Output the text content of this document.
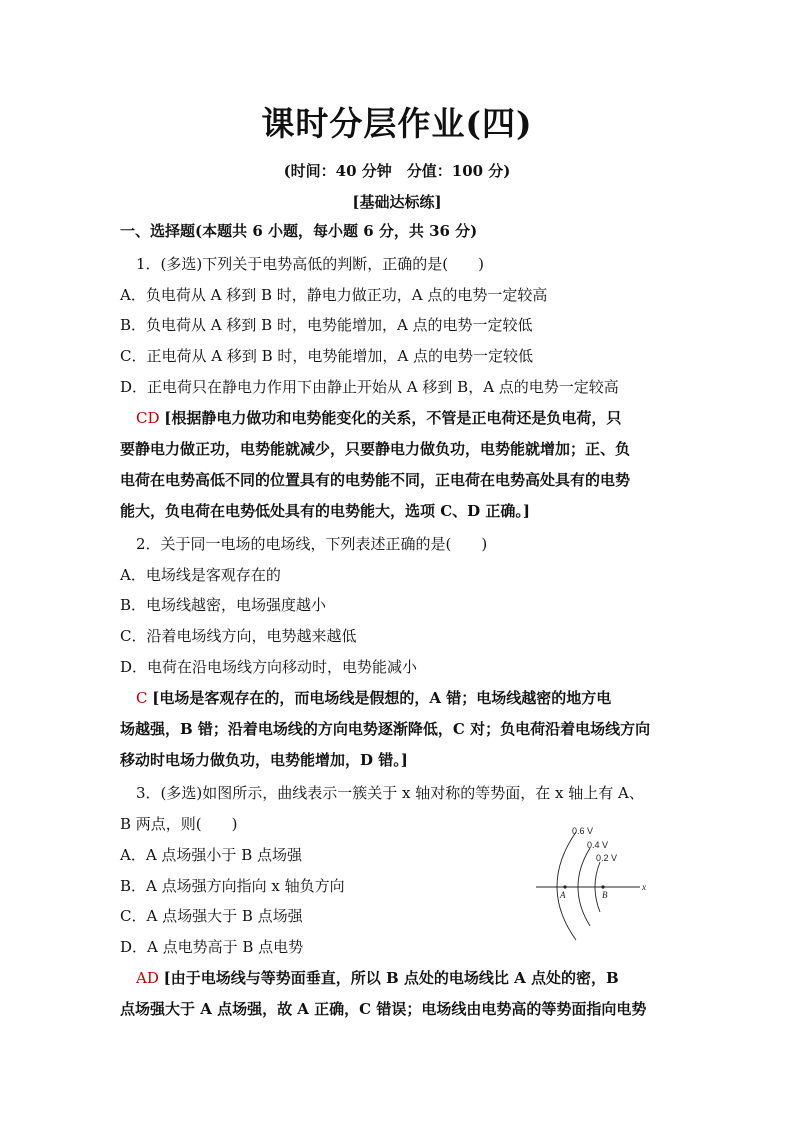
课时分层作业(四)
(时间：40 分钟　分值：100 分)
[基础达标练]
一、选择题(本题共 6 小题，每小题 6 分，共 36 分)
1．(多选)下列关于电势高低的判断，正确的是(　　)
A．负电荷从 A 移到 B 时，静电力做正功，A 点的电势一定较高
B．负电荷从 A 移到 B 时，电势能增加，A 点的电势一定较低
C．正电荷从 A 移到 B 时，电势能增加，A 点的电势一定较低
D．正电荷只在静电力作用下由静止开始从 A 移到 B，A 点的电势一定较高
CD [根据静电力做功和电势能变化的关系，不管是正电荷还是负电荷，只
要静电力做正功，电势能就减少，只要静电力做负功，电势能就增加；正、负
电荷在电势高低不同的位置具有的电势能不同，正电荷在电势高处具有的电势
能大，负电荷在电势低处具有的电势能大，选项 C、D 正确。]
2．关于同一电场的电场线，下列表述正确的是(　　)
A．电场线是客观存在的
B．电场线越密，电场强度越小
C．沿着电场线方向，电势越来越低
D．电荷在沿电场线方向移动时，电势能减小
C [电场是客观存在的，而电场线是假想的，A 错；电场线越密的地方电
场越强，B 错；沿着电场线的方向电势逐渐降低，C 对；负电荷沿着电场线方向
移动时电场力做负功，电势能增加，D 错。]
3．(多选)如图所示，曲线表示一簇关于 x 轴对称的等势面，在 x 轴上有 A、
B 两点，则(　　)
A．A 点场强小于 B 点场强
B．A 点场强方向指向 x 轴负方向
C．A 点场强大于 B 点场强
D．A 点电势高于 B 点电势
AD [由于电场线与等势面垂直，所以 B 点处的电场线比 A 点处的密，B
点场强大于 A 点场强，故 A 正确，C 错误；电场线由电势高的等势面指向电势
0.6 V
0.4 V
0.2 V
A	B
x
